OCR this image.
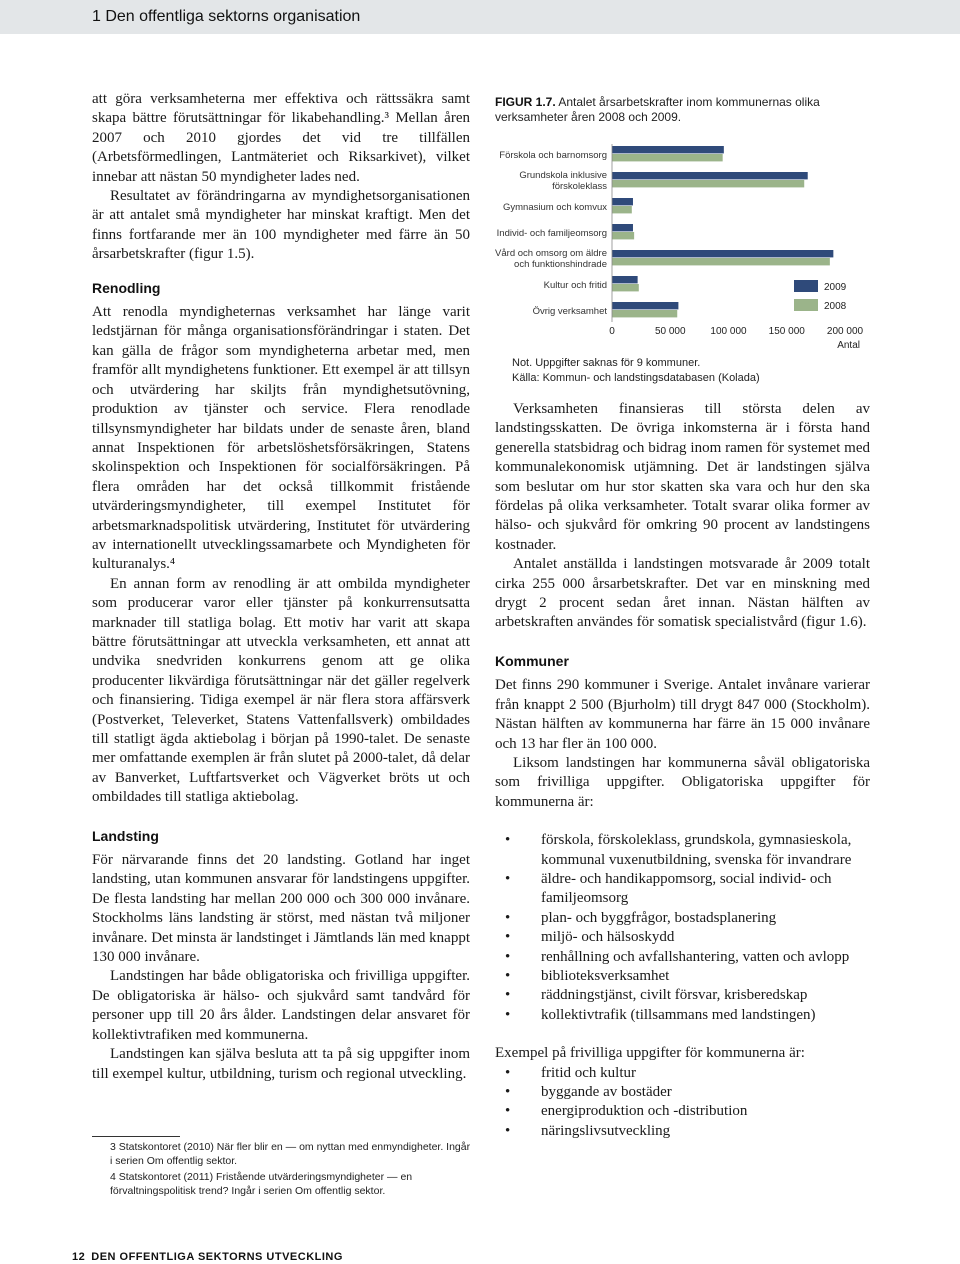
1 Den offentliga sektorns organisation

att göra verksamheterna mer effektiva och rättssäkra samt skapa bättre förutsättningar för likabehandling.³ Mellan åren 2007 och 2010 gjordes det vid tre tillfällen (Arbetsförmedlingen, Lantmäteriet och Riksarkivet), vilket innebar att nästan 50 myndigheter lades ned.

Resultatet av förändringarna av myndighetsorganisationen är att antalet små myndigheter har minskat kraftigt. Men det finns fortfarande mer än 100 myndigheter med färre än 50 årsarbetskrafter (figur 1.5).

Renodling

Att renodla myndigheternas verksamhet har länge varit ledstjärnan för många organisationsförändringar i staten. Det kan gälla de frågor som myndigheterna arbetar med, men framför allt myndighetens funktioner. Ett exempel är att tillsyn och utvärdering har skiljts från myndighetsutövning, produktion av tjänster och service. Flera renodlade tillsynsmyndigheter har bildats under de senaste åren, bland annat Inspektionen för arbetslöshetsförsäkringen, Statens skolinspektion och Inspektionen för socialförsäkringen. På flera områden har det också tillkommit fristående utvärderingsmyndigheter, till exempel Institutet för arbetsmarknadspolitisk utvärdering, Institutet för utvärdering av internationellt utvecklingssamarbete och Myndigheten för kulturanalys.⁴

En annan form av renodling är att ombilda myndigheter som producerar varor eller tjänster på konkurrensutsatta marknader till statliga bolag. Ett motiv har varit att skapa bättre förutsättningar att utveckla verksamheten, ett annat att undvika snedvriden konkurrens genom att ge olika producenter likvärdiga förutsättningar när det gäller regelverk och finansiering. Tidiga exempel är när flera stora affärsverk (Postverket, Televerket, Statens Vattenfallsverk) ombildades till statligt ägda aktiebolag i början på 1990-talet. De senaste mer omfattande exemplen är från slutet på 2000-talet, då delar av Banverket, Luftfartsverket och Vägverket bröts ut och ombildades till statliga aktiebolag.

Landsting

För närvarande finns det 20 landsting. Gotland har inget landsting, utan kommunen ansvarar för landstingens uppgifter. De flesta landsting har mellan 200 000 och 300 000 invånare. Stockholms läns landsting är störst, med nästan två miljoner invånare. Det minsta är landstinget i Jämtlands län med knappt 130 000 invånare.

Landstingen har både obligatoriska och frivilliga uppgifter. De obligatoriska är hälso- och sjukvård samt tandvård för personer upp till 20 års ålder. Landstingen delar ansvaret för kollektivtrafiken med kommunerna.

Landstingen kan själva besluta att ta på sig uppgifter inom till exempel kultur, utbildning, turism och regional utveckling.

3 Statskontoret (2010) När fler blir en — om nyttan med enmyndigheter. Ingår i serien Om offentlig sektor.

4 Statskontoret (2011) Fristående utvärderingsmyndigheter — en förvaltningspolitisk trend? Ingår i serien Om offentlig sektor.

12 DEN OFFENTLIGA SEKTORNS UTVECKLING
FIGUR 1.7. Antalet årsarbetskrafter inom kommunernas olika verksamheter åren 2008 och 2009.
Förskola och barnomsorg
Grundskola inklusive
förskoleklass
Gymnasium och komvux
Individ- och familjeomsorg
Vård och omsorg om äldre
och funktionshindrade
Kultur och fritid
Övrig verksamhet
0	50 000 100 000 150 000 200 000
Antal
2009
2008

Not. Uppgifter saknas för 9 kommuner.

Källa: Kommun- och landstingsdatabasen (Kolada)

Verksamheten finansieras till största delen av landstingsskatten. De övriga inkomsterna är i första hand generella statsbidrag och bidrag inom ramen för systemet med kommunalekonomisk utjämning. Det är landstingen själva som beslutar om hur stor skatten ska vara och hur den ska fördelas på olika verksamheter. Totalt svarar olika former av hälso- och sjukvård för omkring 90 procent av landstingens kostnader.

Antalet anställda i landstingen motsvarade år 2009 totalt cirka 255 000 årsarbetskrafter. Det var en minskning med drygt 2 procent sedan året innan. Nästan hälften av arbetskraften användes för somatisk specialistvård (figur 1.6).

Kommuner

Det finns 290 kommuner i Sverige. Antalet invånare varierar från knappt 2 500 (Bjurholm) till drygt 847 000 (Stockholm). Nästan hälften av kommunerna har färre än 15 000 invånare och 13 har fler än 100 000.

Liksom landstingen har kommunerna såväl obligatoriska som frivilliga uppgifter. Obligatoriska uppgifter för kommunerna är:

• förskola, förskoleklass, grundskola, gymnasieskola, kommunal vuxenutbildning, svenska för invandrare
• äldre- och handikappomsorg, social individ- och familjeomsorg
• plan- och byggfrågor, bostadsplanering
• miljö- och hälsoskydd
• renhållning och avfallshantering, vatten och avlopp
• biblioteksverksamhet
• räddningstjänst, civilt försvar, krisberedskap
• kollektivtrafik (tillsammans med landstingen)

Exempel på frivilliga uppgifter för kommunerna är:

• fritid och kultur
• byggande av bostäder
• energiproduktion och -distribution
• näringslivsutveckling
